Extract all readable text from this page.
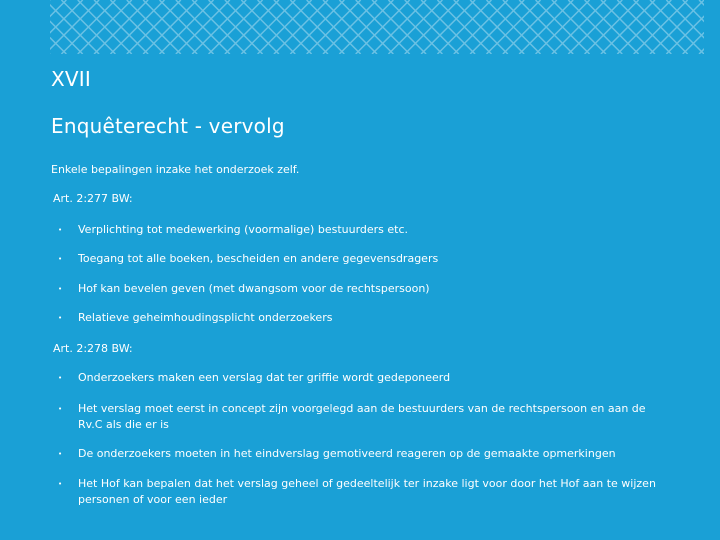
XVII
Enquêterecht - vervolg
Enkele bepalingen inzake het onderzoek zelf.
Art. 2:277 BW:
• Verplichting tot medewerking (voormalige) bestuurders etc.
• Toegang tot alle boeken, bescheiden en andere gegevensdragers
• Hof kan bevelen geven (met dwangsom voor de rechtspersoon)
• Relatieve geheimhoudingsplicht onderzoekers
Art. 2:278 BW:
• Onderzoekers maken een verslag dat ter griffie wordt gedeponeerd
• Het verslag moet eerst in concept zijn voorgelegd aan de bestuurders van de rechtspersoon en aan de Rv.C als die er is
• De onderzoekers moeten in het eindverslag gemotiveerd reageren op de gemaakte opmerkingen
• Het Hof kan bepalen dat het verslag geheel of gedeeltelijk ter inzake ligt voor door het Hof aan te wijzen personen of voor een ieder
